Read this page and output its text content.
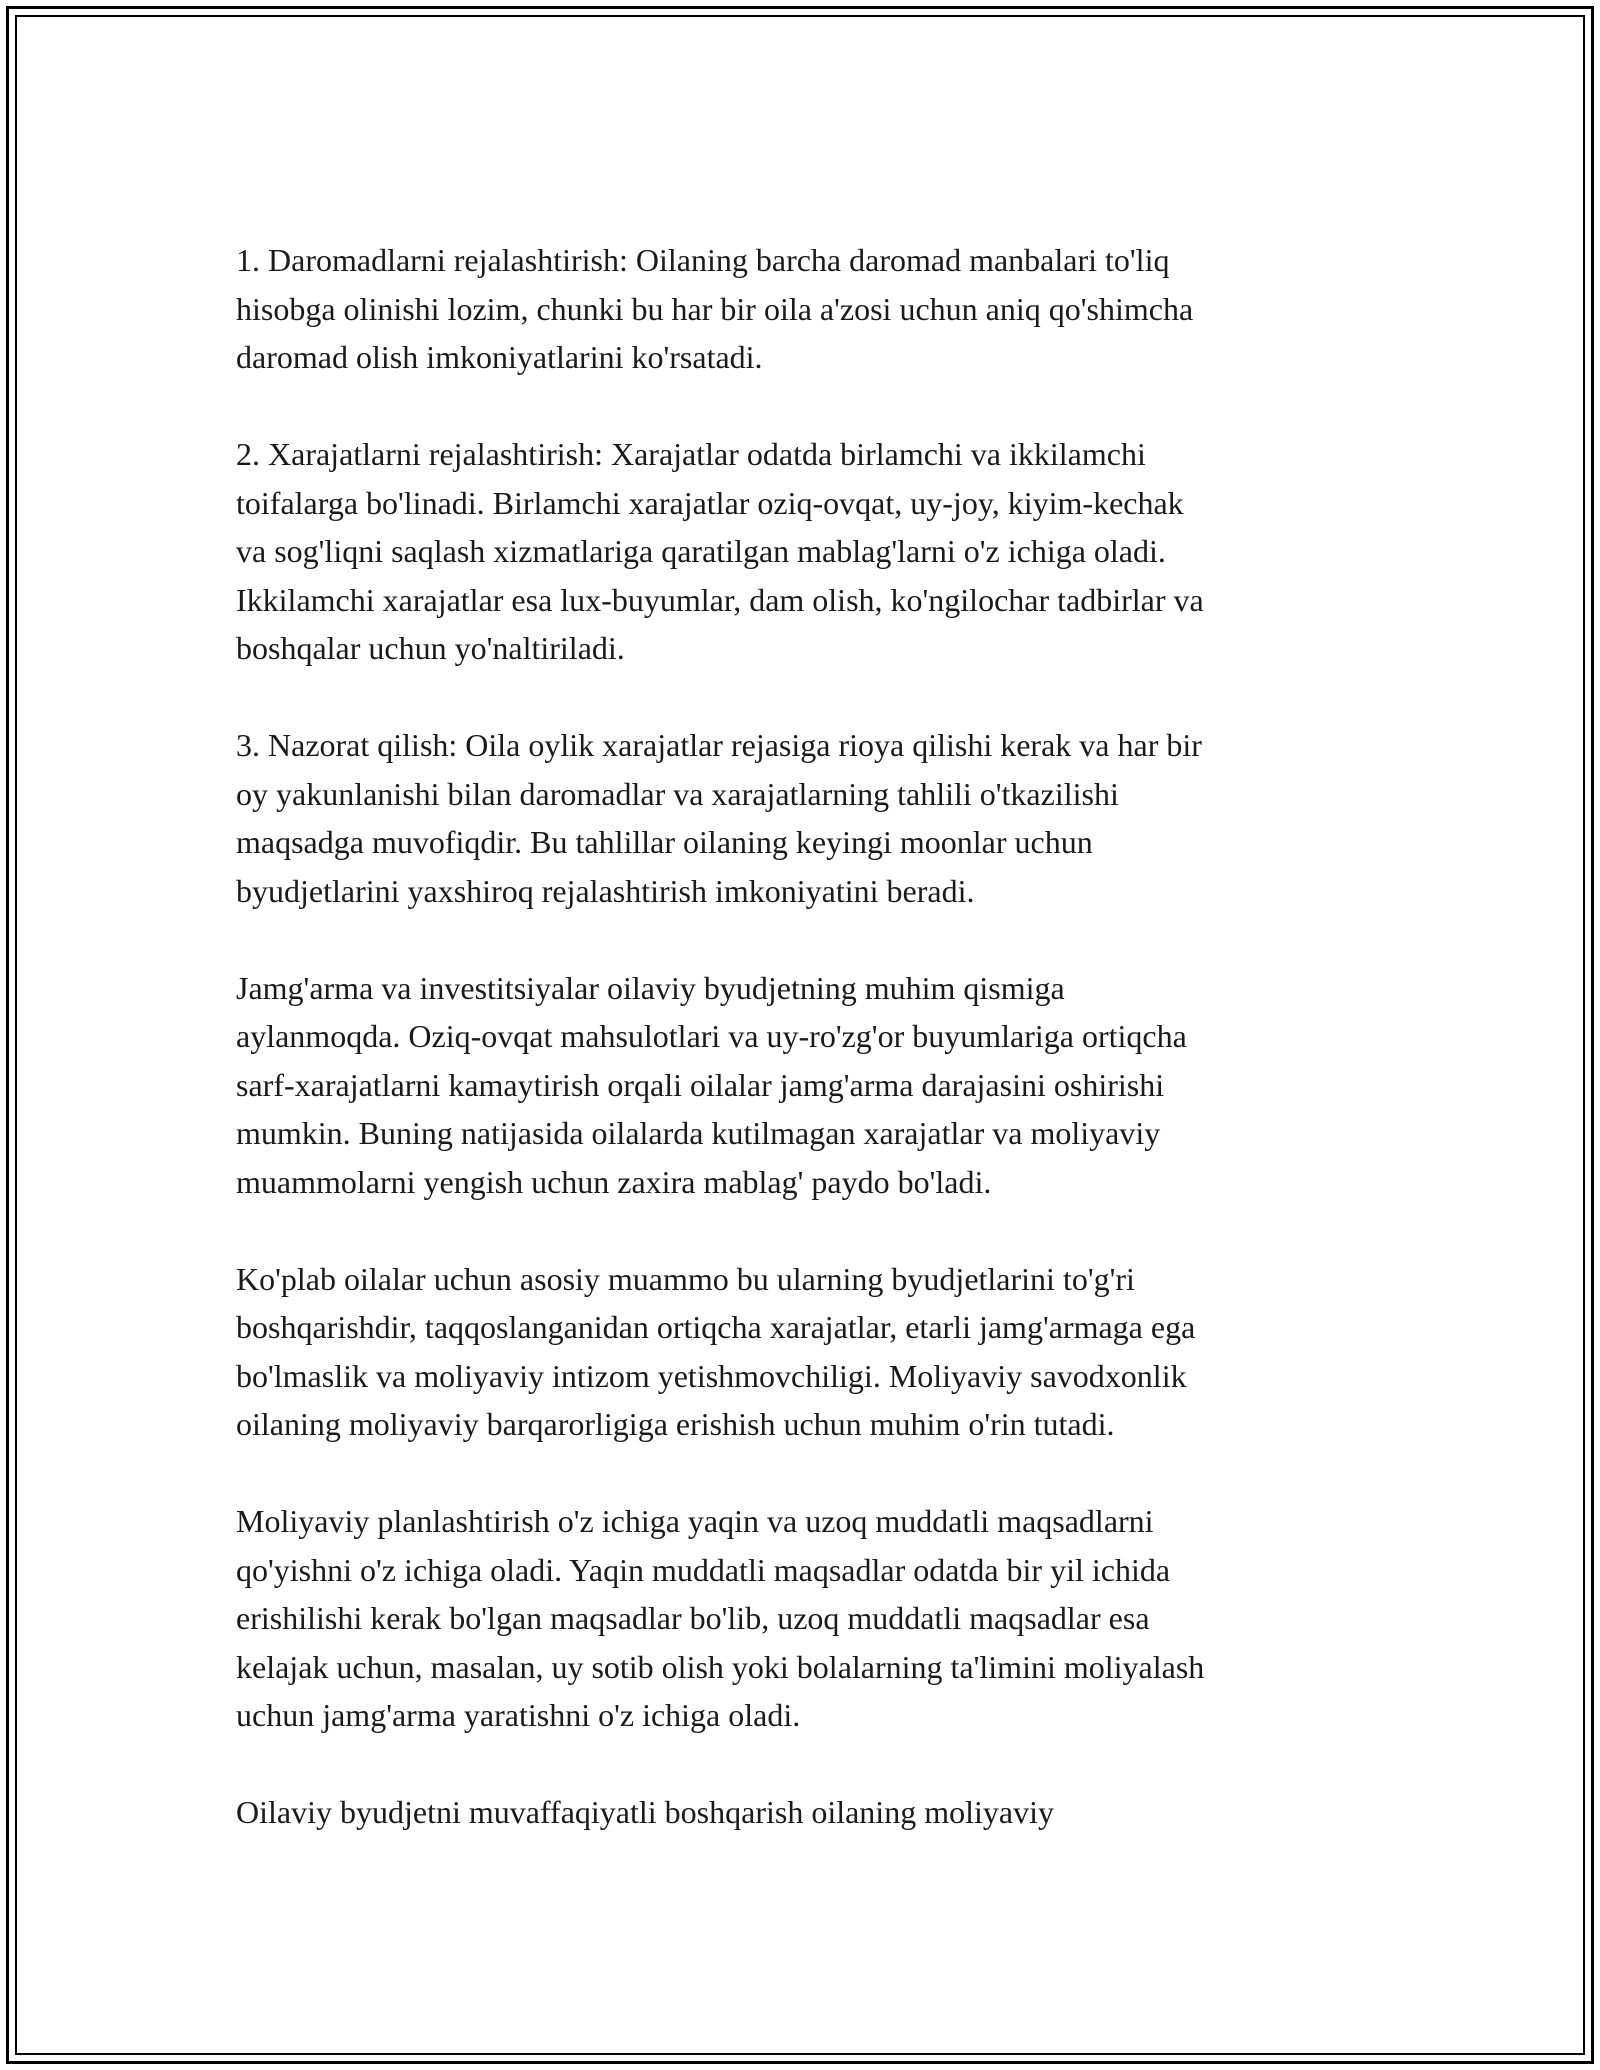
1. Daromadlarni rejalashtirish: Oilaning barcha daromad manbalari to'liq
hisobga olinishi lozim, chunki bu har bir oila a'zosi uchun aniq qo'shimcha
daromad olish imkoniyatlarini ko'rsatadi.

2. Xarajatlarni rejalashtirish: Xarajatlar odatda birlamchi va ikkilamchi
toifalarga bo'linadi. Birlamchi xarajatlar oziq-ovqat, uy-joy, kiyim-kechak
va sog'liqni saqlash xizmatlariga qaratilgan mablag'larni o'z ichiga oladi.
Ikkilamchi xarajatlar esa lux-buyumlar, dam olish, ko'ngilochar tadbirlar va
boshqalar uchun yo'naltiriladi.

3. Nazorat qilish: Oila oylik xarajatlar rejasiga rioya qilishi kerak va har bir
oy yakunlanishi bilan daromadlar va xarajatlarning tahlili o'tkazilishi
maqsadga muvofiqdir. Bu tahlillar oilaning keyingi moonlar uchun
byudjetlarini yaxshiroq rejalashtirish imkoniyatini beradi.

Jamg'arma va investitsiyalar oilaviy byudjetning muhim qismiga
aylanmoqda. Oziq-ovqat mahsulotlari va uy-ro'zg'or buyumlariga ortiqcha
sarf-xarajatlarni kamaytirish orqali oilalar jamg'arma darajasini oshirishi
mumkin. Buning natijasida oilalarda kutilmagan xarajatlar va moliyaviy
muammolarni yengish uchun zaxira mablag' paydo bo'ladi.

Ko'plab oilalar uchun asosiy muammo bu ularning byudjetlarini to'g'ri
boshqarishdir, taqqoslanganidan ortiqcha xarajatlar, etarli jamg'armaga ega
bo'lmaslik va moliyaviy intizom yetishmovchiligi. Moliyaviy savodxonlik
oilaning moliyaviy barqarorligiga erishish uchun muhim o'rin tutadi.

Moliyaviy planlashtirish o'z ichiga yaqin va uzoq muddatli maqsadlarni
qo'yishni o'z ichiga oladi. Yaqin muddatli maqsadlar odatda bir yil ichida
erishilishi kerak bo'lgan maqsadlar bo'lib, uzoq muddatli maqsadlar esa
kelajak uchun, masalan, uy sotib olish yoki bolalarning ta'limini moliyalash
uchun jamg'arma yaratishni o'z ichiga oladi.

Oilaviy byudjetni muvaffaqiyatli boshqarish oilaning moliyaviy
